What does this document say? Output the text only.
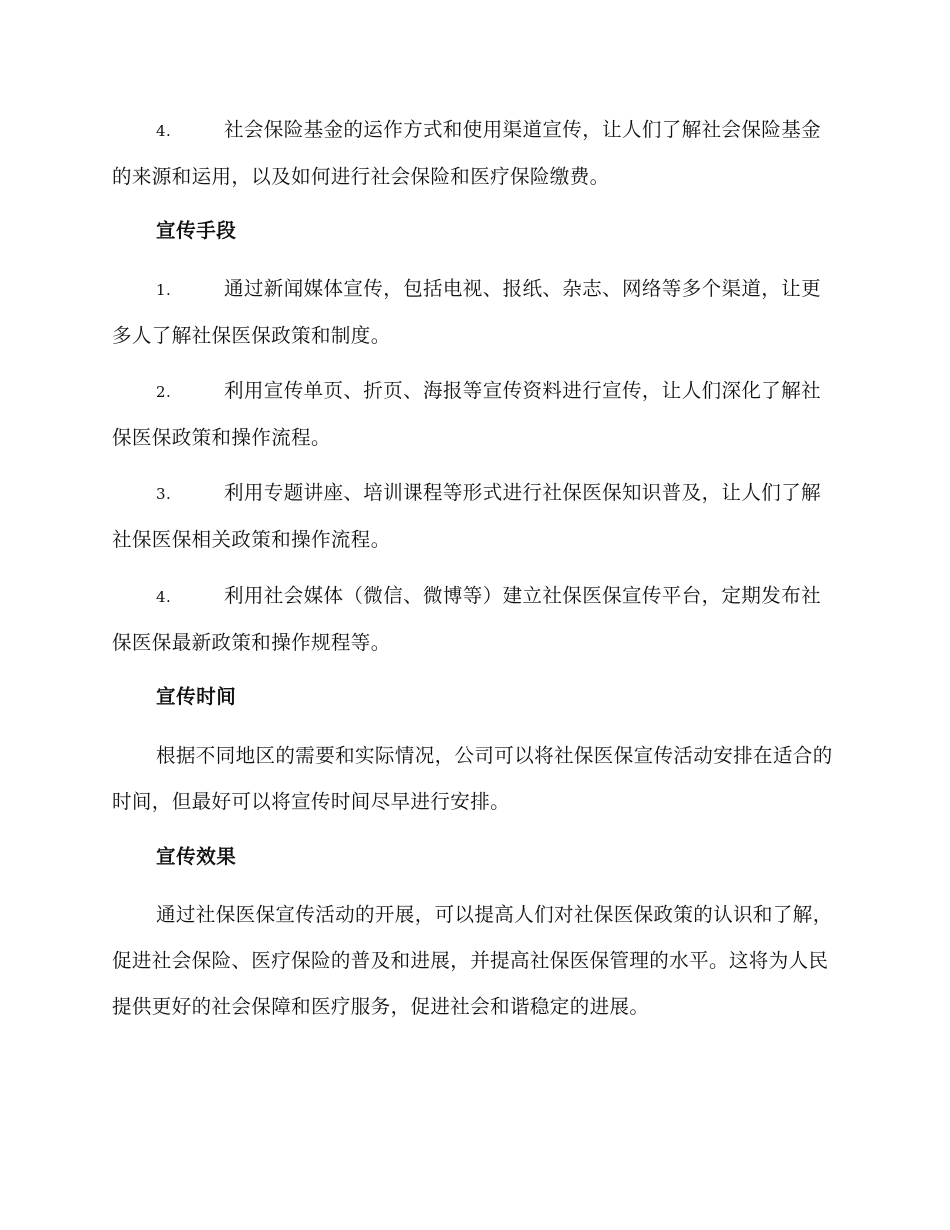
4.	社会保险基金的运作方式和使用渠道宣传，让人们了解社会保险基金的来源和运用，以及如何进行社会保险和医疗保险缴费。
宣传手段
1.	通过新闻媒体宣传，包括电视、报纸、杂志、网络等多个渠道，让更多人了解社保医保政策和制度。
2.	利用宣传单页、折页、海报等宣传资料进行宣传，让人们深化了解社保医保政策和操作流程。
3.	利用专题讲座、培训课程等形式进行社保医保知识普及，让人们了解社保医保相关政策和操作流程。
4.	利用社会媒体（微信、微博等）建立社保医保宣传平台，定期发布社保医保最新政策和操作规程等。
宣传时间
根据不同地区的需要和实际情况，公司可以将社保医保宣传活动安排在适合的时间，但最好可以将宣传时间尽早进行安排。
宣传效果
通过社保医保宣传活动的开展，可以提高人们对社保医保政策的认识和了解，促进社会保险、医疗保险的普及和进展，并提高社保医保管理的水平。这将为人民提供更好的社会保障和医疗服务，促进社会和谐稳定的进展。
